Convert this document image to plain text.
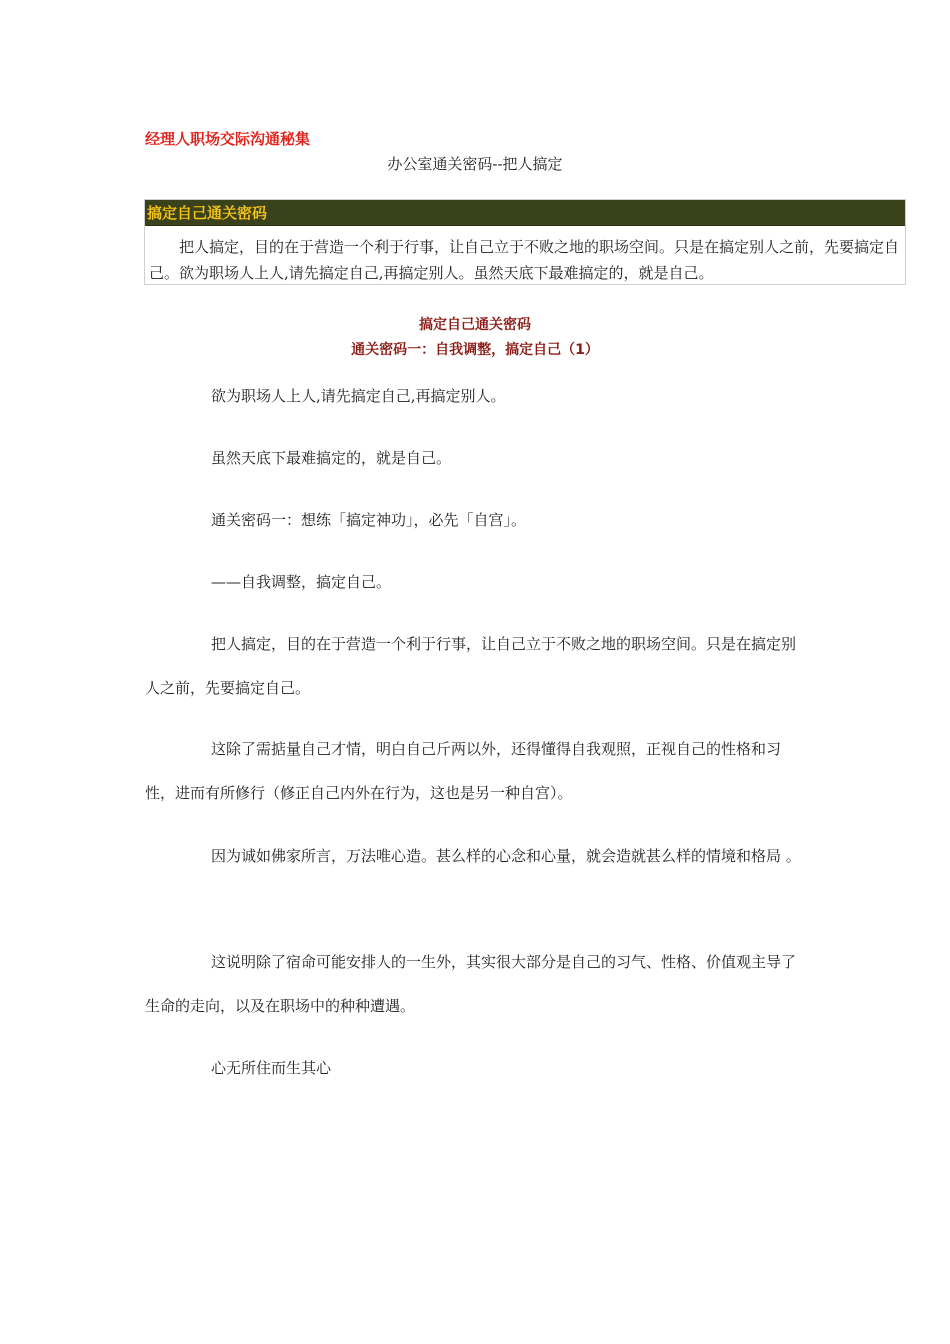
经理人职场交际沟通秘集
办公室通关密码--把人搞定
搞定自己通关密码
把人搞定，目的在于营造一个利于行事，让自己立于不败之地的职场空间。只是在搞定别人之前，先要搞定自己。欲为职场人上人,请先搞定自己,再搞定别人。虽然天底下最难搞定的，就是自己。
搞定自己通关密码
通关密码一：自我调整，搞定自己（1）

欲为职场人上人,请先搞定自己,再搞定别人。

虽然天底下最难搞定的，就是自己。

通关密码一：想练「搞定神功」，必先「自宫」。

——自我调整，搞定自己。

把人搞定，目的在于营造一个利于行事，让自己立于不败之地的职场空间。只是在搞定别人之前，先要搞定自己。

这除了需掂量自己才情，明白自己斤两以外，还得懂得自我观照，正视自己的性格和习性，进而有所修行（修正自己内外在行为，这也是另一种自宫）。

因为诚如佛家所言，万法唯心造。甚么样的心念和心量，就会造就甚么样的情境和格局 。

这说明除了宿命可能安排人的一生外，其实很大部分是自己的习气、性格、价值观主导了生命的走向，以及在职场中的种种遭遇。

心无所住而生其心
